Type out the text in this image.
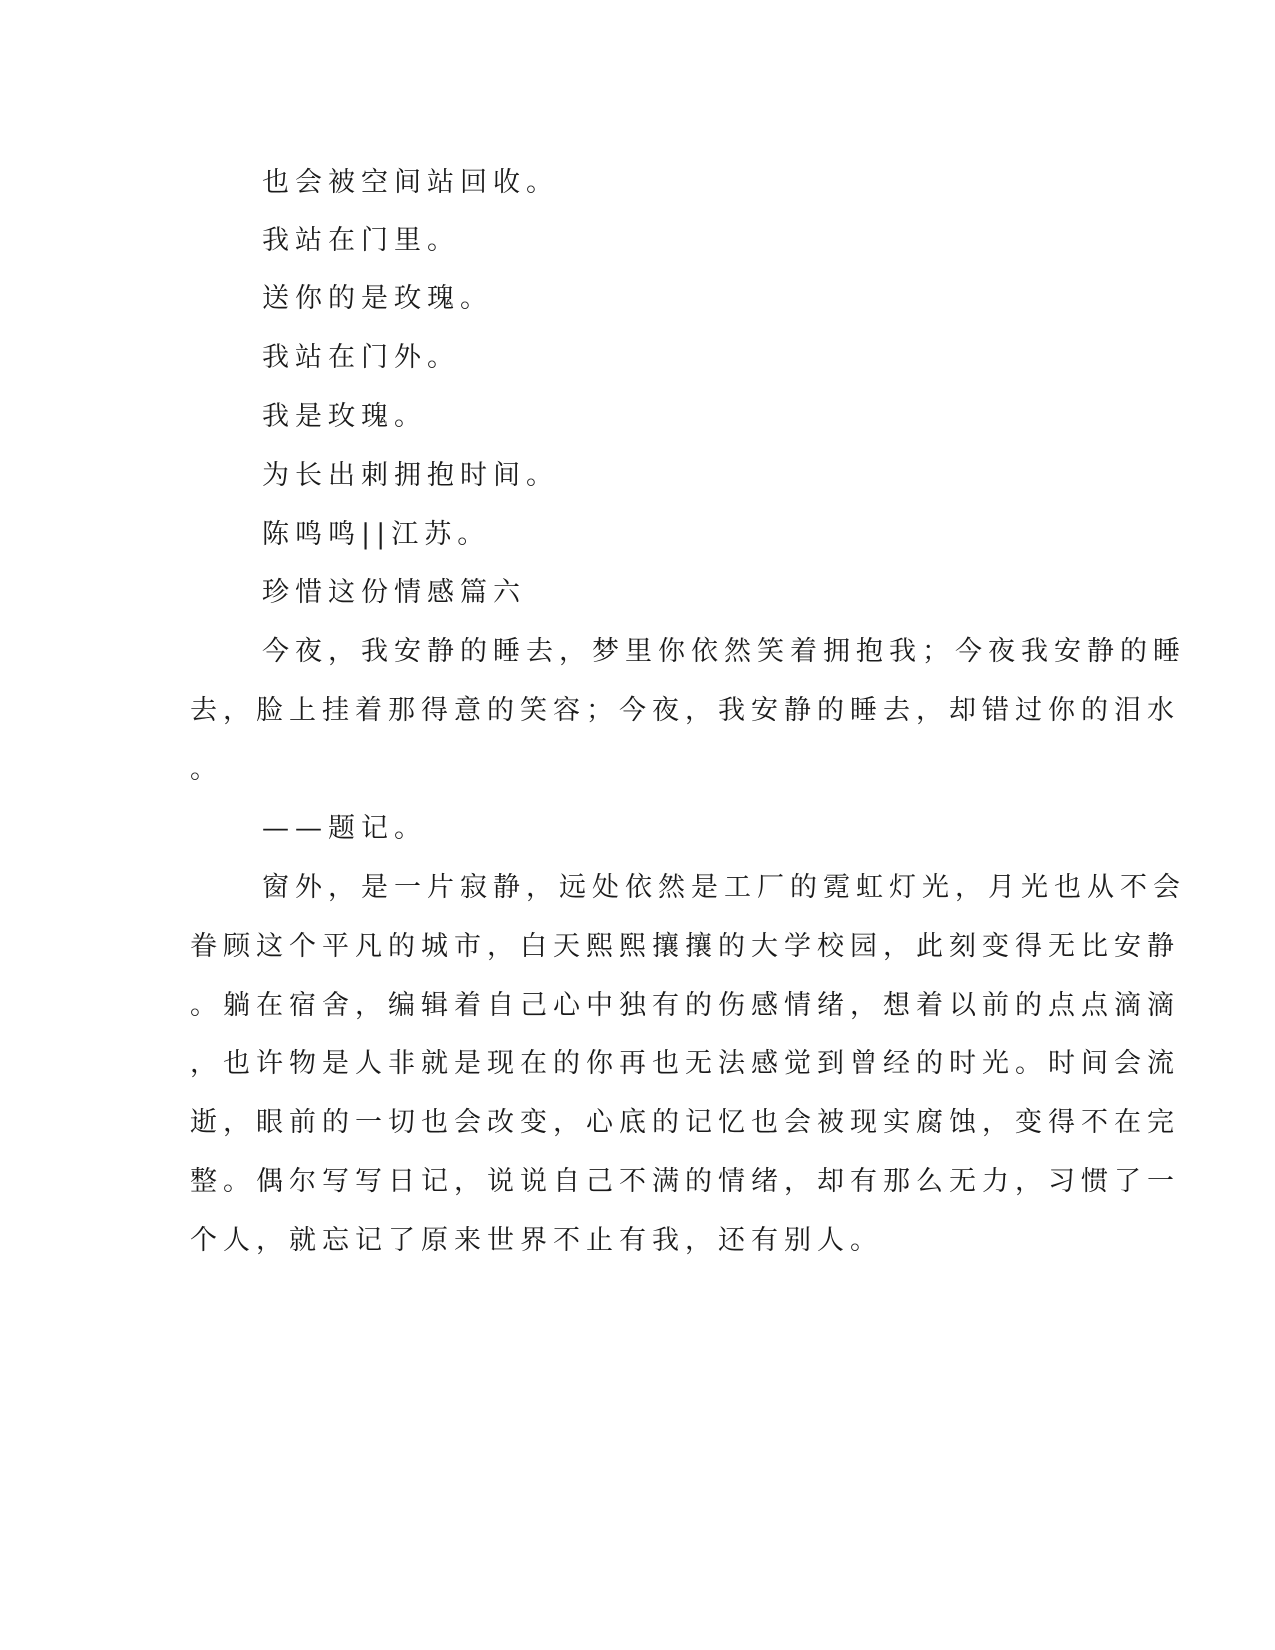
也会被空间站回收。
我站在门里。
送你的是玫瑰。
我站在门外。
我是玫瑰。
为长出刺拥抱时间。
陈鸣鸣||江苏。
珍惜这份情感篇六
今夜，我安静的睡去，梦里你依然笑着拥抱我；今夜我安静的睡
去，脸上挂着那得意的笑容；今夜，我安静的睡去，却错过你的泪水
。
——题记。
窗外，是一片寂静，远处依然是工厂的霓虹灯光，月光也从不会
眷顾这个平凡的城市，白天熙熙攘攘的大学校园，此刻变得无比安静
。躺在宿舍，编辑着自己心中独有的伤感情绪，想着以前的点点滴滴
，也许物是人非就是现在的你再也无法感觉到曾经的时光。时间会流
逝，眼前的一切也会改变，心底的记忆也会被现实腐蚀，变得不在完
整。偶尔写写日记，说说自己不满的情绪，却有那么无力，习惯了一
个人，就忘记了原来世界不止有我，还有别人。
